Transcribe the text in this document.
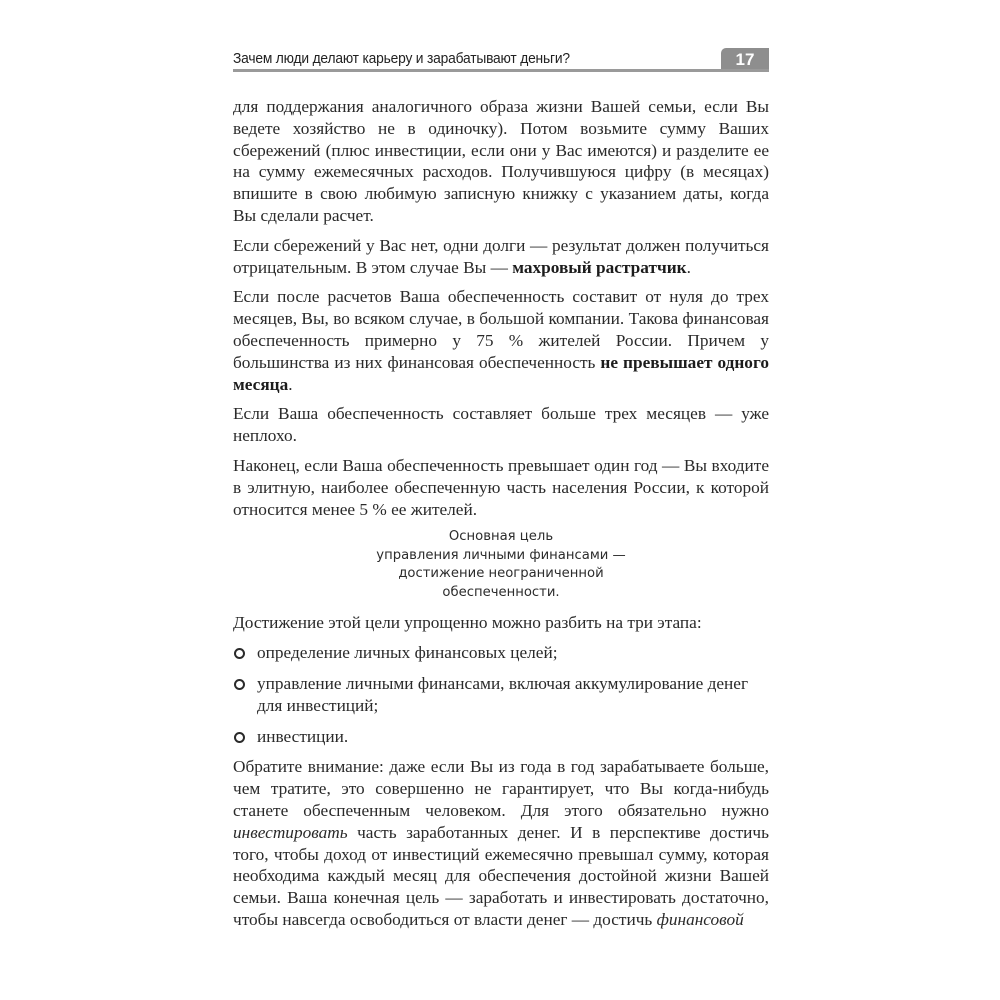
Зачем люди делают карьеру и зарабатывают деньги?	17

для поддержания аналогичного образа жизни Вашей семьи, если Вы ведете хозяйство не в одиночку). Потом возьмите сумму Ваших сбережений (плюс инвестиции, если они у Вас имеются) и разделите ее на сумму ежемесячных расходов. Получившуюся цифру (в месяцах) впишите в свою любимую записную книжку с указанием даты, когда Вы сделали расчет.

Если сбережений у Вас нет, одни долги — результат должен получиться отрицательным. В этом случае Вы — махровый растратчик.

Если после расчетов Ваша обеспеченность составит от нуля до трех месяцев, Вы, во всяком случае, в большой компании. Такова финансовая обеспеченность примерно у 75 % жителей России. Причем у большинства из них финансовая обеспеченность не превышает одного месяца.

Если Ваша обеспеченность составляет больше трех месяцев — уже неплохо.

Наконец, если Ваша обеспеченность превышает один год — Вы входите в элитную, наиболее обеспеченную часть населения России, к которой относится менее 5 % ее жителей.

Основная цель
управления личными финансами —
достижение неограниченной
обеспеченности.

Достижение этой цели упрощенно можно разбить на три этапа:

определение личных финансовых целей;
управление личными финансами, включая аккумулирование денег для инвестиций;
инвестиции.

Обратите внимание: даже если Вы из года в год зарабатываете больше, чем тратите, это совершенно не гарантирует, что Вы когда-нибудь станете обеспеченным человеком. Для этого обязательно нужно инвестировать часть заработанных денег. И в перспективе достичь того, чтобы доход от инвестиций ежемесячно превышал сумму, которая необходима каждый месяц для обеспечения достойной жизни Вашей семьи. Ваша конечная цель — заработать и инвестировать достаточно, чтобы навсегда освободиться от власти денег — достичь финансовой
